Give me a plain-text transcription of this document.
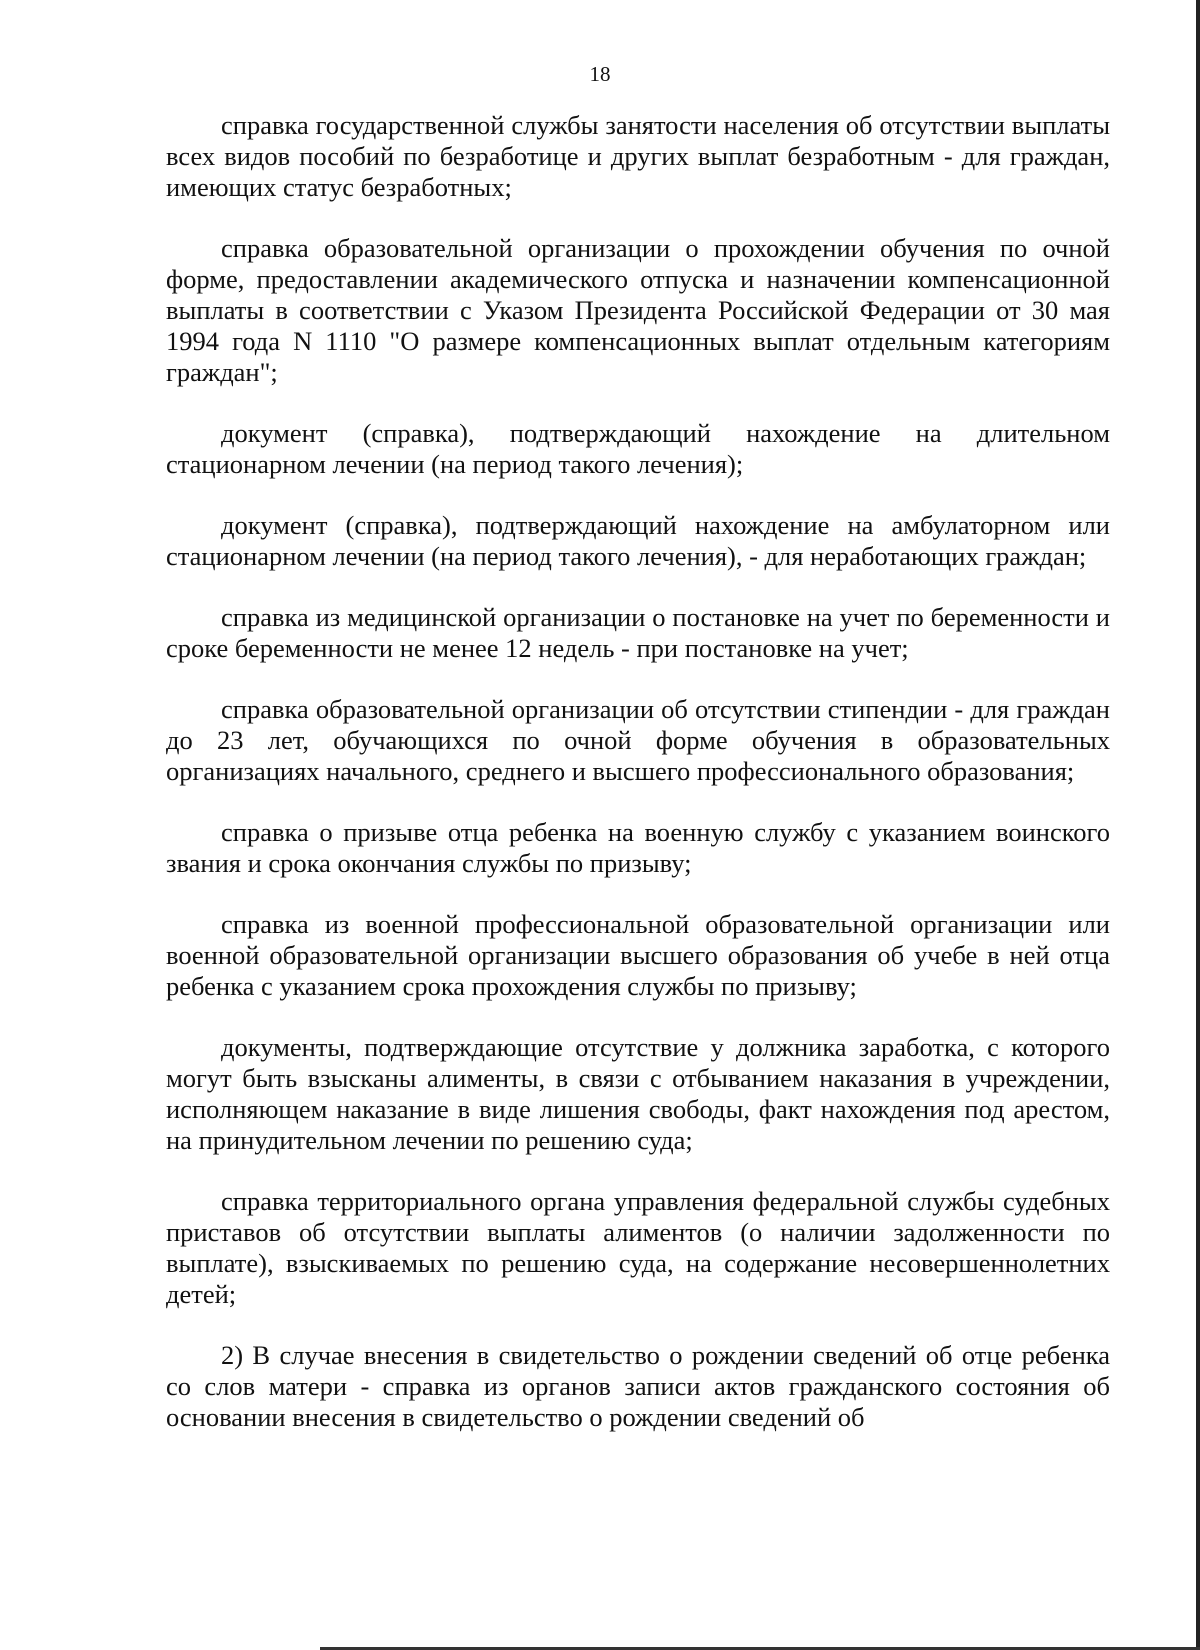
18

справка государственной службы занятости населения об отсутствии выплаты всех видов пособий по безработице и других выплат безработным - для граждан, имеющих статус безработных;

справка образовательной организации о прохождении обучения по очной форме, предоставлении академического отпуска и назначении компенсационной выплаты в соответствии с Указом Президента Российской Федерации от 30 мая 1994 года N 1110 "О размере компенсационных выплат отдельным категориям граждан";

документ (справка), подтверждающий нахождение на длительном стационарном лечении (на период такого лечения);

документ (справка), подтверждающий нахождение на амбулаторном или стационарном лечении (на период такого лечения), - для неработающих граждан;

справка из медицинской организации о постановке на учет по беременности и сроке беременности не менее 12 недель - при постановке на учет;

справка образовательной организации об отсутствии стипендии - для граждан до 23 лет, обучающихся по очной форме обучения в образовательных организациях начального, среднего и высшего профессионального образования;

справка о призыве отца ребенка на военную службу с указанием воинского звания и срока окончания службы по призыву;

справка из военной профессиональной образовательной организации или военной образовательной организации высшего образования об учебе в ней отца ребенка с указанием срока прохождения службы по призыву;

документы, подтверждающие отсутствие у должника заработка, с которого могут быть взысканы алименты, в связи с отбыванием наказания в учреждении, исполняющем наказание в виде лишения свободы, факт нахождения под арестом, на принудительном лечении по решению суда;

справка территориального органа управления федеральной службы судебных приставов об отсутствии выплаты алиментов (о наличии задолженности по выплате), взыскиваемых по решению суда, на содержание несовершеннолетних детей;

2) В случае внесения в свидетельство о рождении сведений об отце ребенка со слов матери - справка из органов записи актов гражданского состояния об основании внесения в свидетельство о рождении сведений об
